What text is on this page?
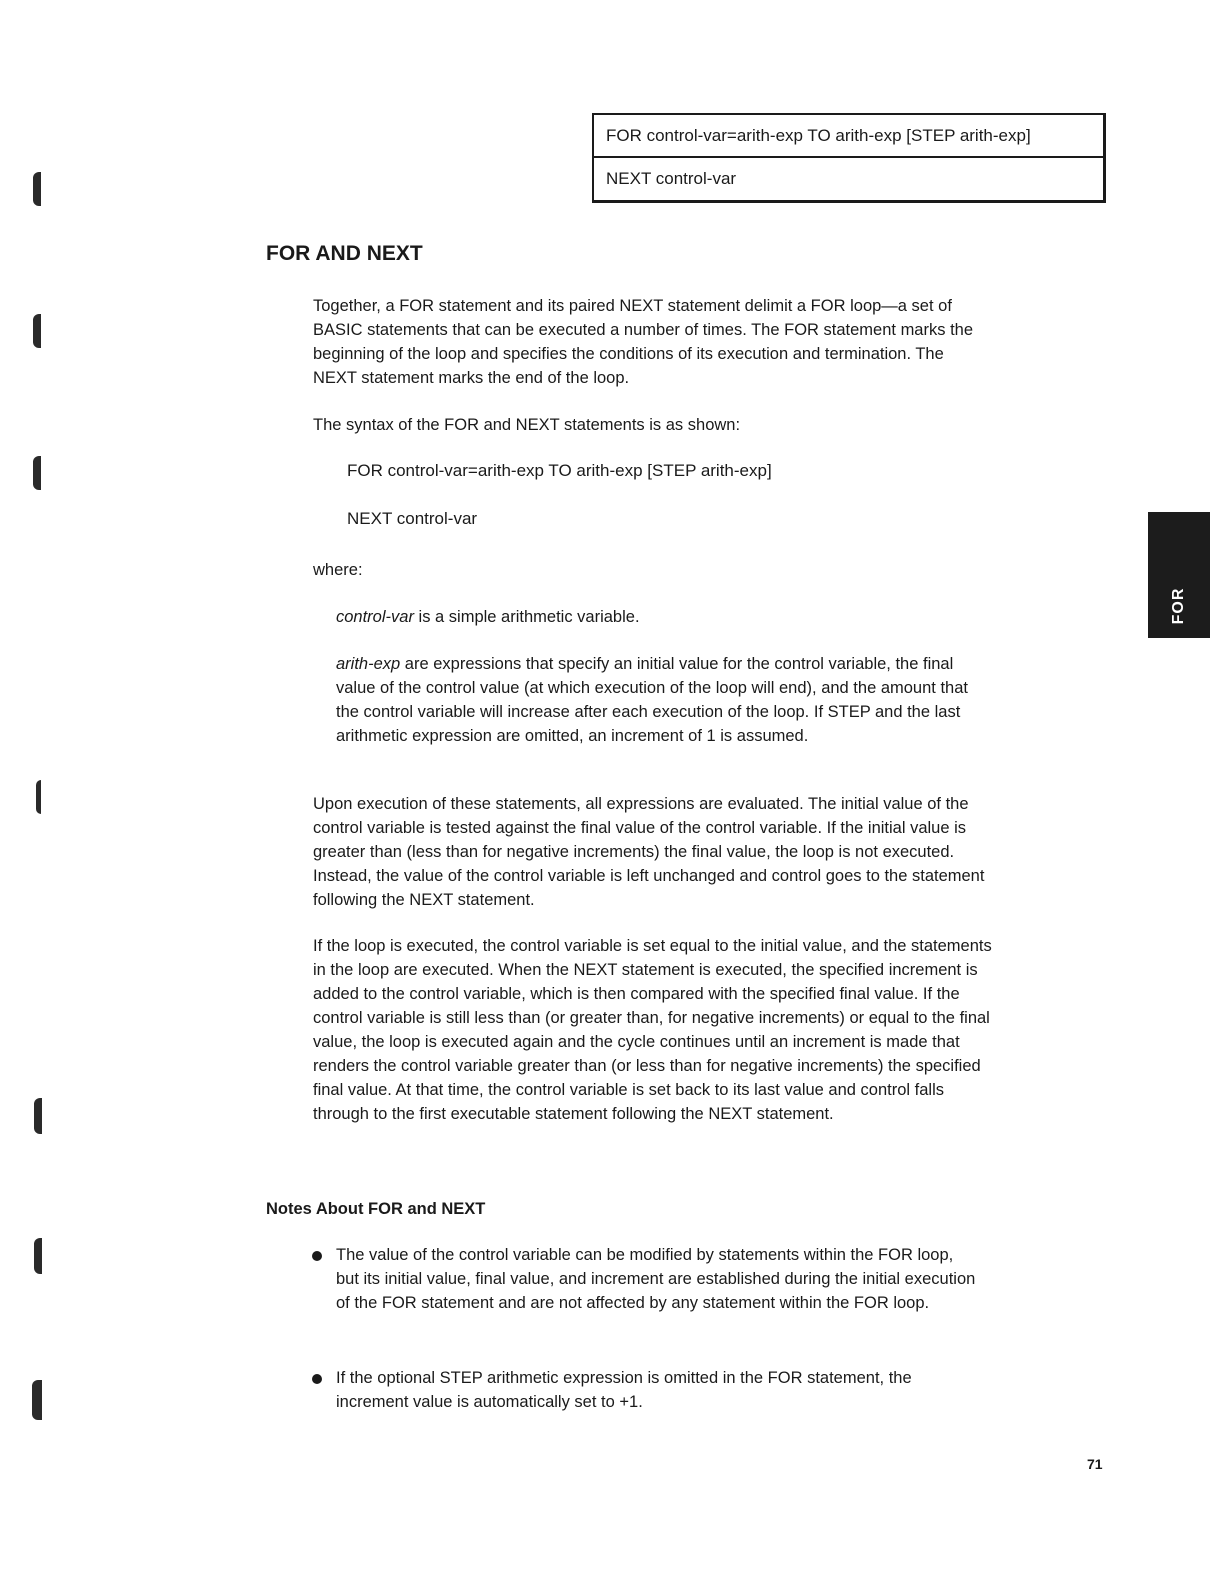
FOR control-var=arith-exp TO arith-exp [STEP arith-exp]
NEXT control-var
FOR AND NEXT

Together, a FOR statement and its paired NEXT statement delimit a FOR loop—a set of BASIC statements that can be executed a number of times. The FOR statement marks the beginning of the loop and specifies the conditions of its execution and termination. The NEXT statement marks the end of the loop.

The syntax of the FOR and NEXT statements is as shown:

FOR control-var=arith-exp TO arith-exp [STEP arith-exp]
NEXT control-var
where:

control-var is a simple arithmetic variable.

arith-exp are expressions that specify an initial value for the control variable, the final value of the control value (at which execution of the loop will end), and the amount that the control variable will increase after each execution of the loop. If STEP and the last arithmetic expression are omitted, an increment of 1 is assumed.

Upon execution of these statements, all expressions are evaluated. The initial value of the control variable is tested against the final value of the control variable. If the initial value is greater than (less than for negative increments) the final value, the loop is not executed. Instead, the value of the control variable is left unchanged and control goes to the statement following the NEXT statement.

If the loop is executed, the control variable is set equal to the initial value, and the statements in the loop are executed. When the NEXT statement is executed, the specified increment is added to the control variable, which is then compared with the specified final value. If the control variable is still less than (or greater than, for negative increments) or equal to the final value, the loop is executed again and the cycle continues until an increment is made that renders the control variable greater than (or less than for negative increments) the specified final value. At that time, the control variable is set back to its last value and control falls through to the first executable statement following the NEXT statement.

Notes About FOR and NEXT
The value of the control variable can be modified by statements within the FOR loop, but its initial value, final value, and increment are established during the initial execution of the FOR statement and are not affected by any statement within the FOR loop.
If the optional STEP arithmetic expression is omitted in the FOR statement, the increment value is automatically set to +1.
FOR
71
